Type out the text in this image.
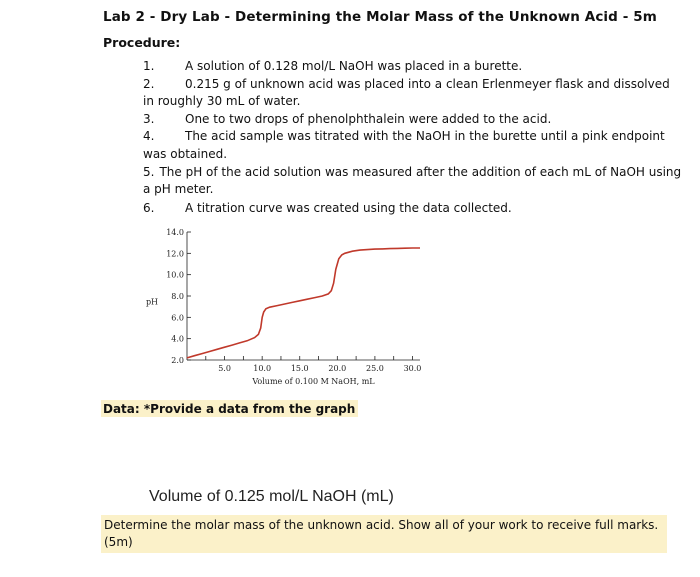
Lab 2 - Dry Lab - Determining the Molar Mass of the Unknown Acid - 5m
Procedure:
1.	A solution of 0.128 mol/L NaOH was placed in a burette.
2.	0.215 g of unknown acid was placed into a clean Erlenmeyer flask and dissolved in roughly 30 mL of water.
3.	One to two drops of phenolphthalein were added to the acid.
4.	The acid sample was titrated with the NaOH in the burette until a pink endpoint was obtained.
5. The pH of the acid solution was measured after the addition of each mL of NaOH using a pH meter.
6.	A titration curve was created using the data collected.
2.0
4.0
6.0
8.0
10.0
12.0
14.0
5.0	10.0 15.0 20.0 25.0 30.0
pH
Volume of 0.100 M NaOH, mL
Data: *Provide a data from the graph
Volume of 0.125 mol/L NaOH (mL)
Determine the molar mass of the unknown acid. Show all of your work to receive full marks. (5m)
